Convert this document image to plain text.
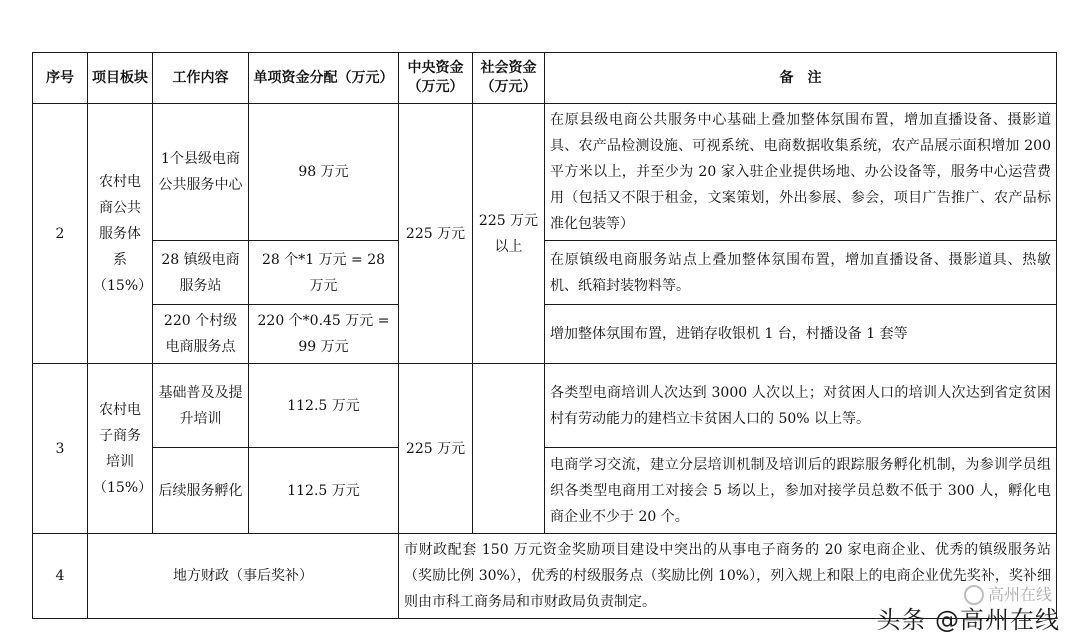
序号	项目板块	工作内容	单项资金分配（万元）	中央资金（万元）	社会资金（万元）	备　注
2	农村电商公共服务体系（15%）	1个县级电商公共服务中心	98 万元	225 万元	225 万元以上	在原县级电商公共服务中心基础上叠加整体氛围布置，增加直播设备、摄影道具、农产品检测设施、可视系统、电商数据收集系统，农产品展示面积增加 200 平方米以上，并至少为 20 家入驻企业提供场地、办公设备等，服务中心运营费用（包括又不限于租金，文案策划，外出参展、参会，项目广告推广、农产品标准化包装等）
		28 镇级电商服务站	28 个*1 万元 = 28 万元			在原镇级电商服务站点上叠加整体氛围布置，增加直播设备、摄影道具、热敏机、纸箱封装物料等。
		220 个村级电商服务点	220 个*0.45 万元 = 99 万元			增加整体氛围布置，进销存收银机 1 台，村播设备 1 套等
3	农村电子商务培训（15%）	基础普及及提升培训	112.5 万元	225 万元		各类型电商培训人次达到 3000 人次以上；对贫困人口的培训人次达到省定贫困村有劳动能力的建档立卡贫困人口的 50% 以上等。
		后续服务孵化	112.5 万元			电商学习交流，建立分层培训机制及培训后的跟踪服务孵化机制，为参训学员组织各类型电商用工对接会 5 场以上，参加对接学员总数不低于 300 人，孵化电商企业不少于 20 个。
4	地方财政（事后奖补）			市财政配套 150 万元资金奖励项目建设中突出的从事电子商务的 20 家电商企业、优秀的镇级服务站（奖励比例 30%），优秀的村级服务点（奖励比例 10%），列入规上和限上的电商企业优先奖补，奖补细则由市科工商务局和市财政局负责制定。			高州在线
头条 @高州在线
